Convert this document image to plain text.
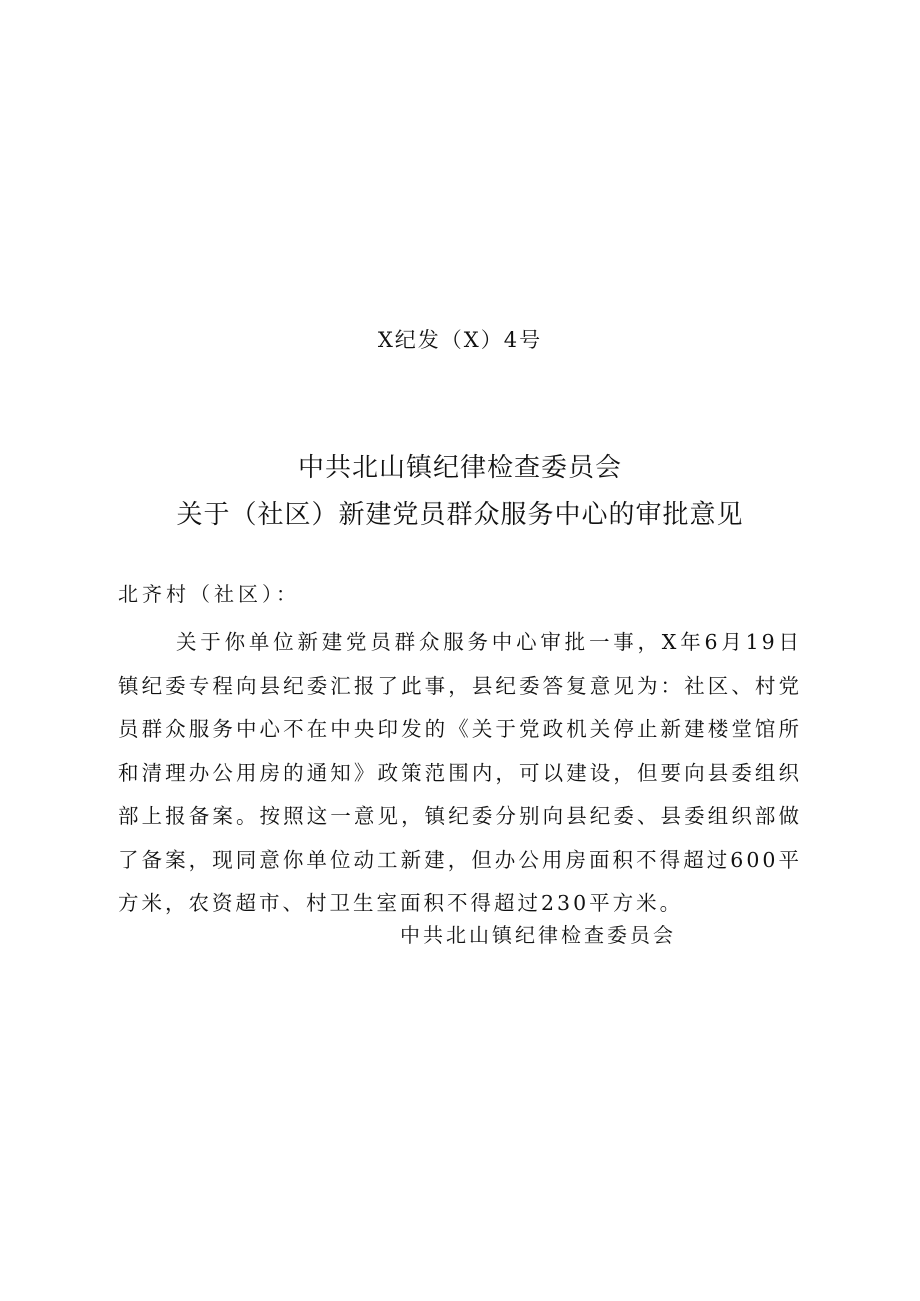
X纪发（X）4号
中共北山镇纪律检查委员会
关于（社区）新建党员群众服务中心的审批意见
北齐村（社区）：

关于你单位新建党员群众服务中心审批一事，X年6月19日镇纪委专程向县纪委汇报了此事，县纪委答复意见为：社区、村党员群众服务中心不在中央印发的《关于党政机关停止新建楼堂馆所和清理办公用房的通知》政策范围内，可以建设，但要向县委组织部上报备案。按照这一意见，镇纪委分别向县纪委、县委组织部做了备案，现同意你单位动工新建，但办公用房面积不得超过600平方米，农资超市、村卫生室面积不得超过230平方米。

中共北山镇纪律检查委员会
